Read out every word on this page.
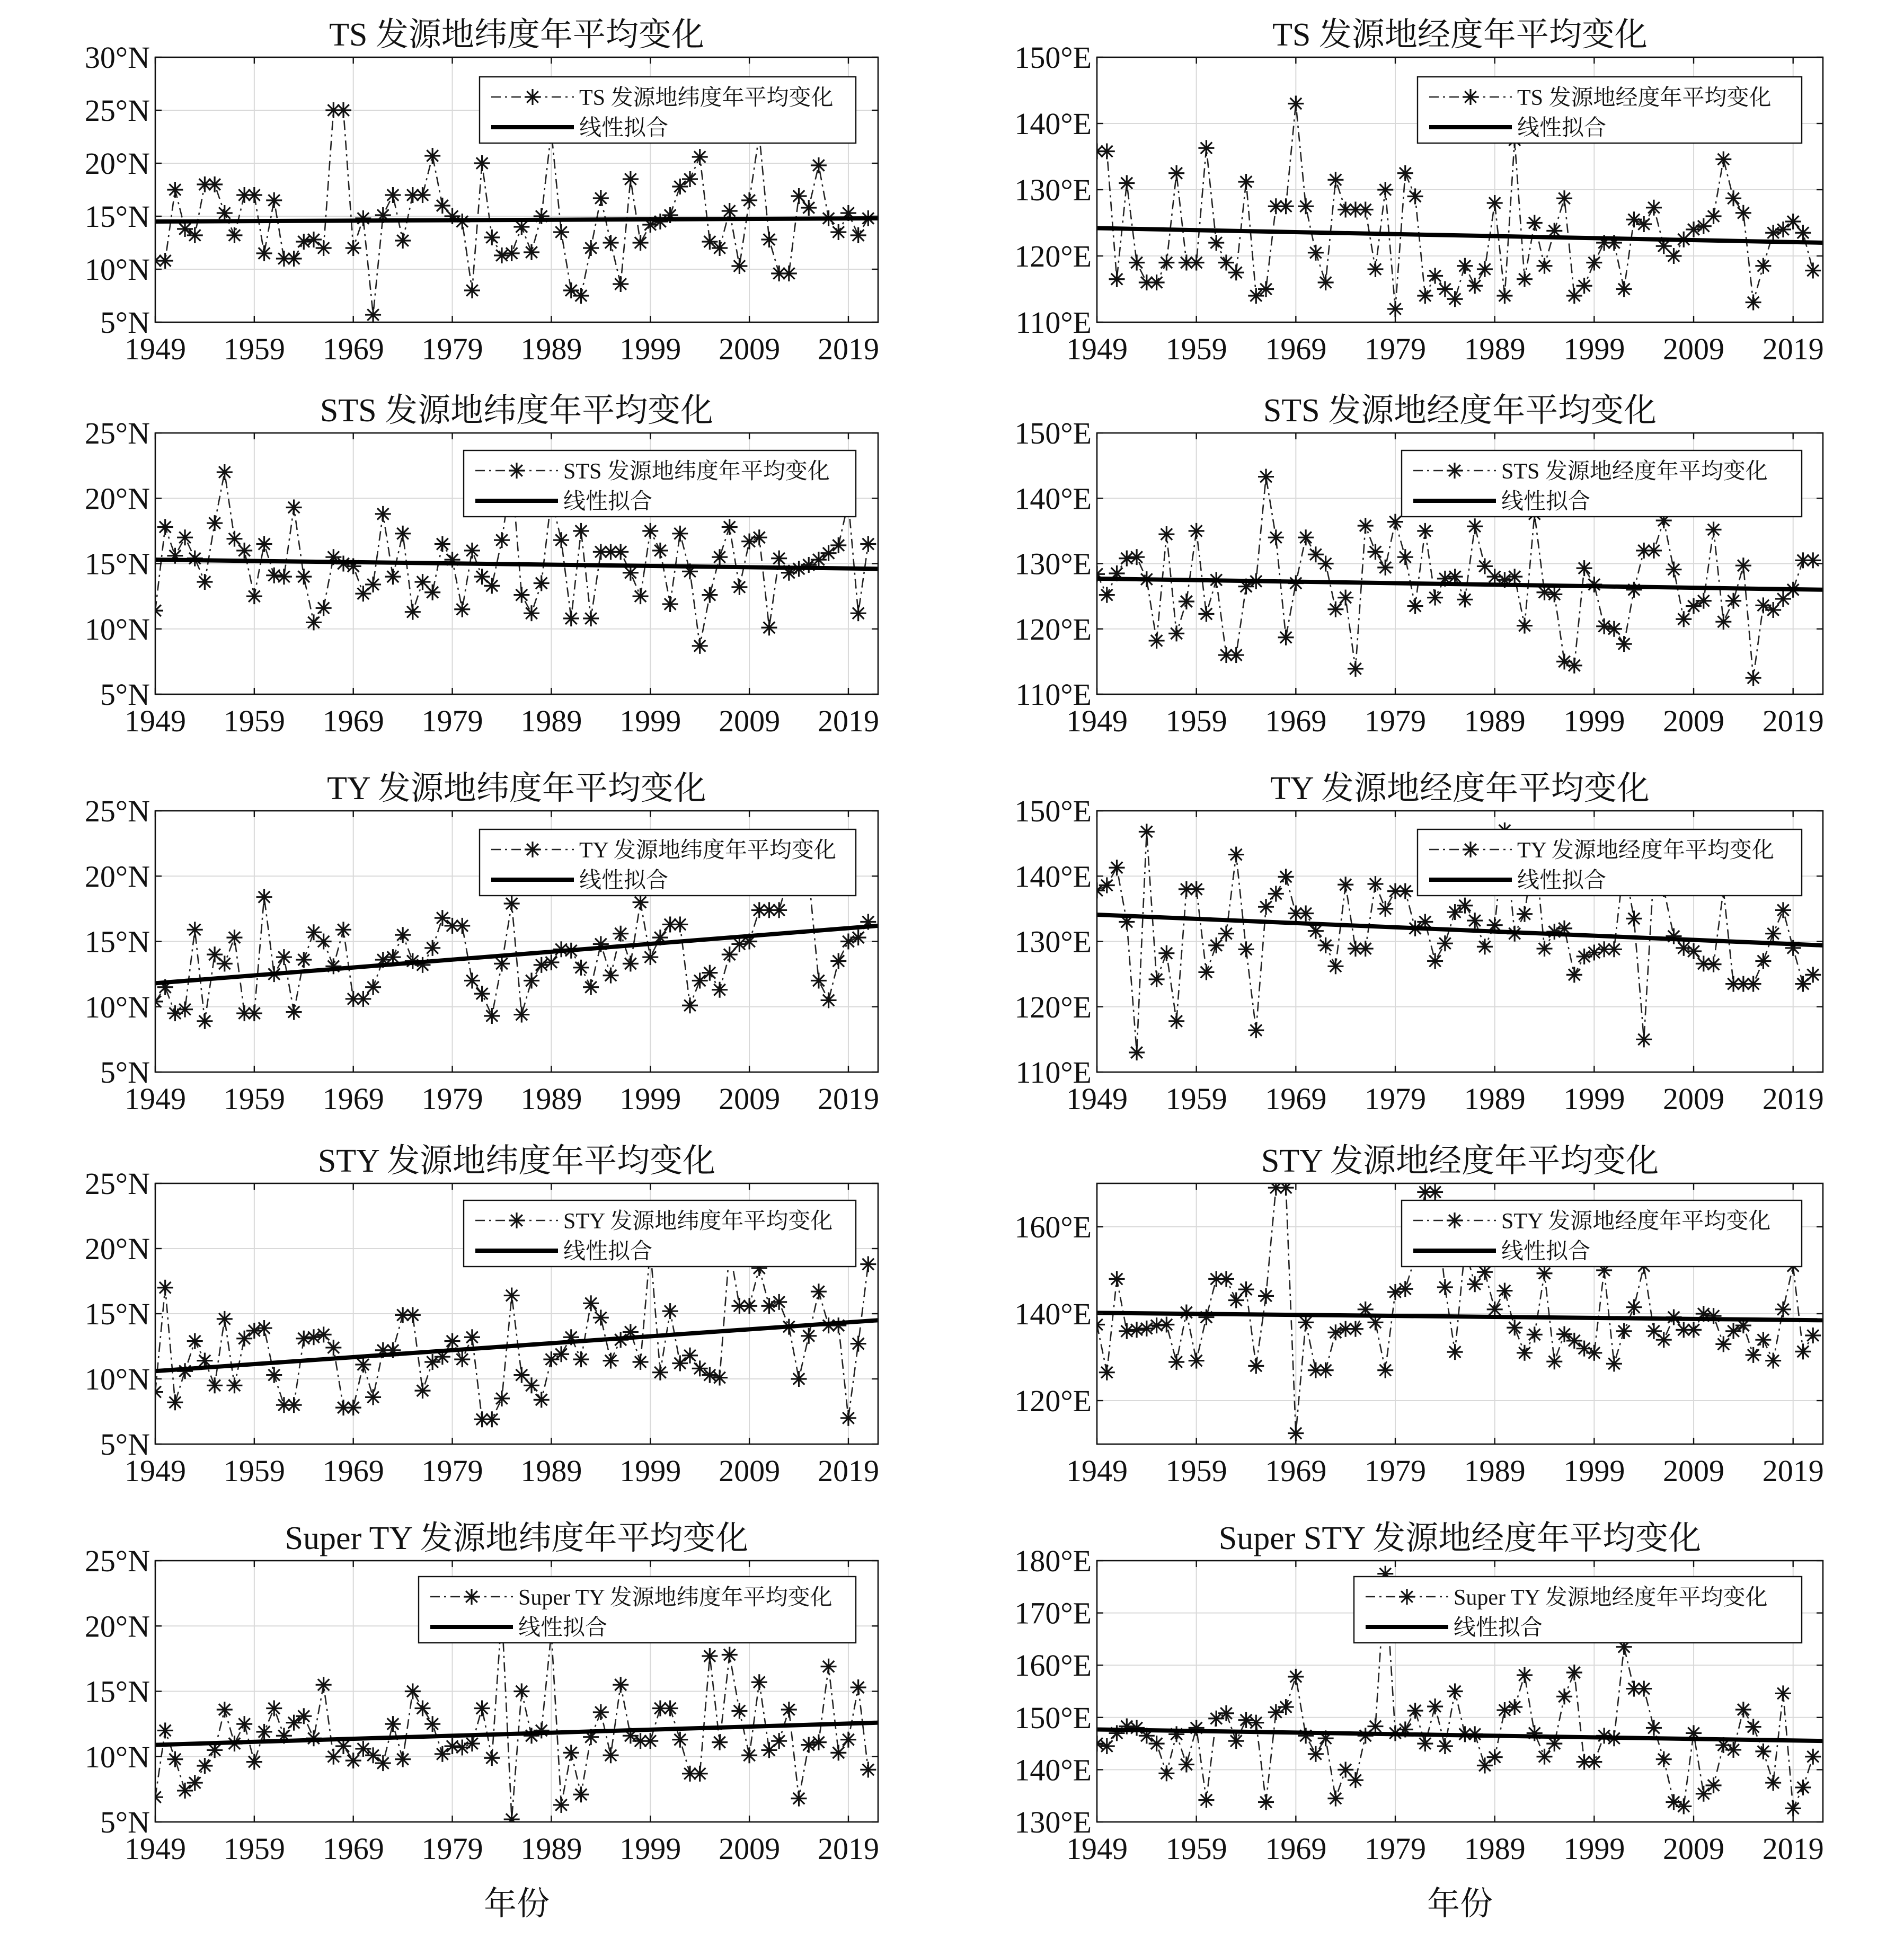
1949 1959 1969 1979 1989 1999 2009 2019
5°N
10°N
15°N
20°N
25°N
30°N
TS 发源地纬度年平均变化
TS 发源地纬度年平均变化
线性拟合
1949 1959 1969 1979 1989 1999 2009 2019
110°E
120°E
130°E
140°E
150°E
TS 发源地经度年平均变化
TS 发源地经度年平均变化
线性拟合
1949 1959 1969 1979 1989 1999 2009 2019
5°N
10°N
15°N
20°N
25°N
STS 发源地纬度年平均变化
STS 发源地纬度年平均变化
线性拟合
1949 1959 1969 1979 1989 1999 2009 2019
110°E
120°E
130°E
140°E
150°E
STS 发源地经度年平均变化
STS 发源地经度年平均变化
线性拟合
1949 1959 1969 1979 1989 1999 2009 2019
5°N
10°N
15°N
20°N
25°N
TY 发源地纬度年平均变化
TY 发源地纬度年平均变化
线性拟合
1949 1959 1969 1979 1989 1999 2009 2019
110°E
120°E
130°E
140°E
150°E
TY 发源地经度年平均变化
TY 发源地经度年平均变化
线性拟合
1949 1959 1969 1979 1989 1999 2009 2019
5°N
10°N
15°N
20°N
25°N
STY 发源地纬度年平均变化
STY 发源地纬度年平均变化
线性拟合
1949 1959 1969 1979 1989 1999 2009 2019
120°E
140°E
160°E
STY 发源地经度年平均变化
STY 发源地经度年平均变化
线性拟合
1949 1959 1969 1979 1989 1999 2009 2019
5°N
10°N
15°N
20°N
25°N
Super TY 发源地纬度年平均变化
年份
Super TY 发源地纬度年平均变化
线性拟合
1949 1959 1969 1979 1989 1999 2009 2019
130°E
140°E
150°E
160°E
170°E
180°E
Super STY 发源地经度年平均变化
年份
Super TY 发源地经度年平均变化
线性拟合
